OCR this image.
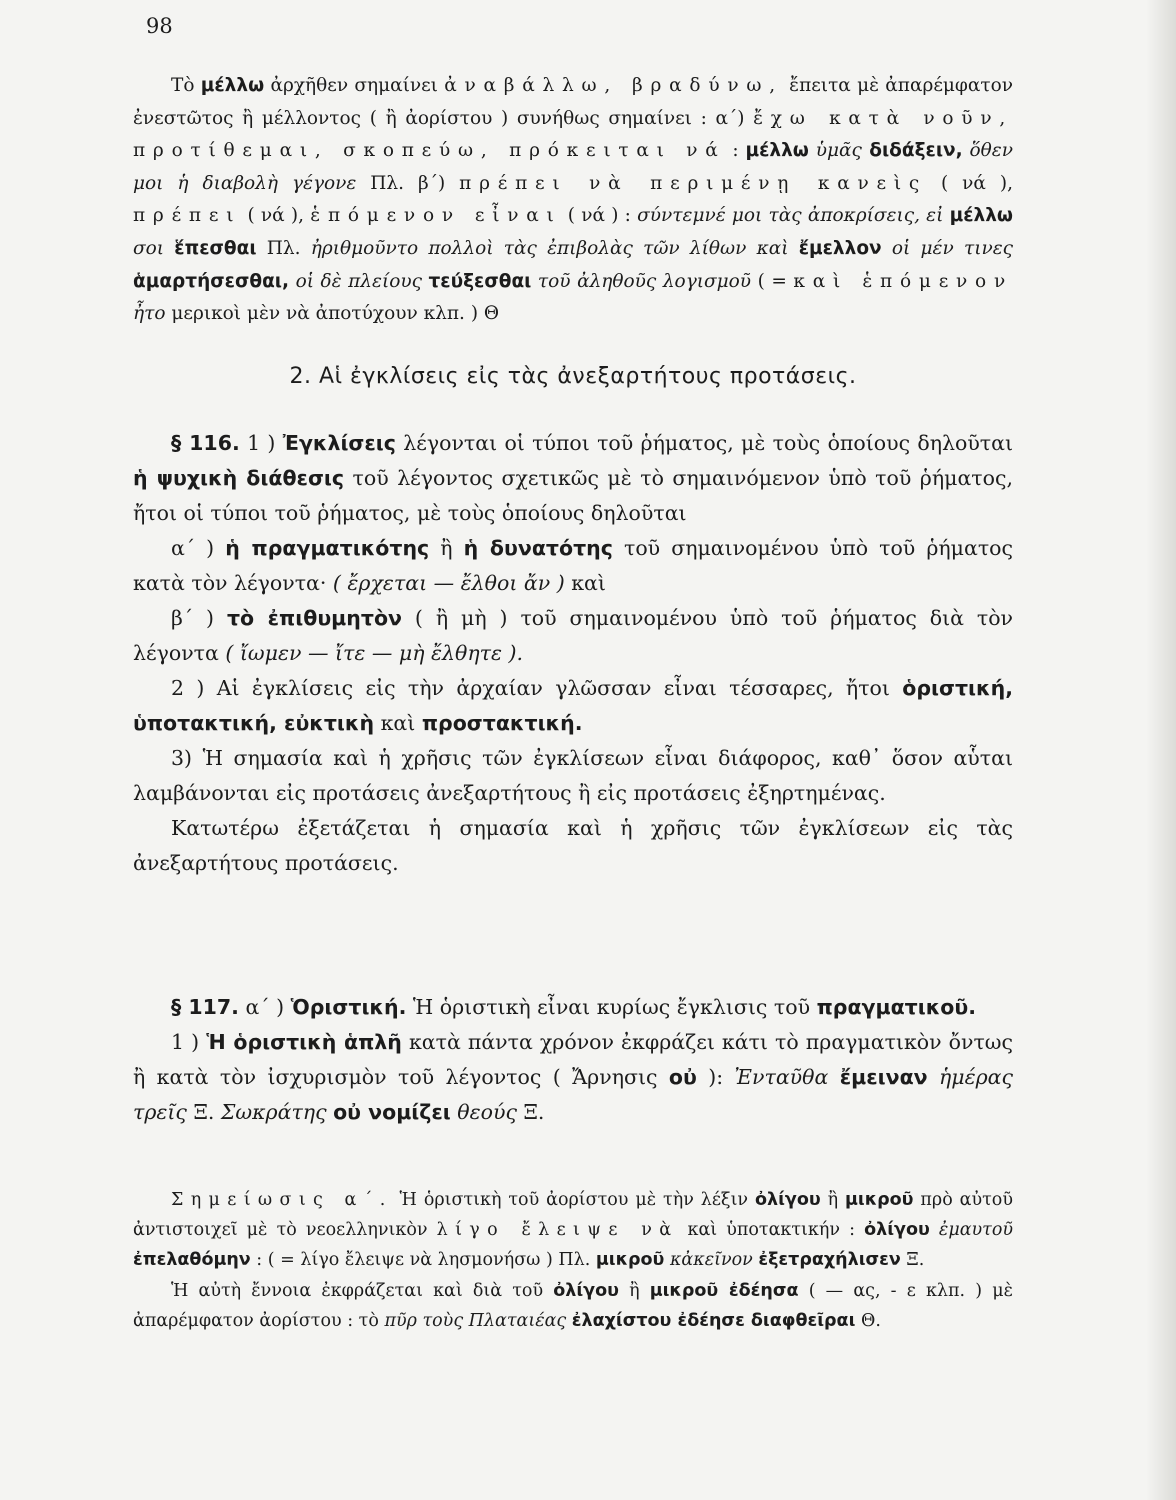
98

Τὸ μέλλω ἀρχῆθεν σημαίνει ἀναβάλλω, βραδύνω, ἔπειτα μὲ ἀπαρέμφατον ἐνεστῶτος ἢ μέλλοντος ( ἢ ἀορίστου ) συνήθως σημαίνει : α΄) ἔχω κατὰ νοῦν, προτίθεμαι, σκοπεύω, πρόκειται νά : μέλλω ὑμᾶς διδάξειν, ὅθεν μοι ἡ διαβολὴ γέγονε Πλ. β΄) πρέπει νὰ περιμένῃ κανεὶς ( νά ), πρέπει ( νά ), ἑπόμενον εἶναι ( νά ) : σύντεμνέ μοι τὰς ἀποκρίσεις, εἰ μέλλω σοι ἕπεσθαι Πλ. ἠριθμοῦντο πολλοὶ τὰς ἐπιβολὰς τῶν λίθων καὶ ἔμελλον οἱ μέν τινες ἁμαρτήσεσθαι, οἱ δὲ πλείους τεύξεσθαι τοῦ ἀληθοῦς λογισμοῦ ( = καὶ ἑπόμενον ἦτο μερικοὶ μὲν νὰ ἀποτύχουν κλπ. ) Θ

2. Αἱ ἐγκλίσεις εἰς τὰς ἀνεξαρτήτους προτάσεις.

§ 116. 1 ) Ἐγκλίσεις λέγονται οἱ τύποι τοῦ ῥήματος, μὲ τοὺς ὁποίους δηλοῦται ἡ ψυχικὴ διάθεσις τοῦ λέγοντος σχετικῶς μὲ τὸ σημαινόμενον ὑπὸ τοῦ ῥήματος, ἤτοι οἱ τύποι τοῦ ῥήματος, μὲ τοὺς ὁποίους δηλοῦται

α΄ ) ἡ πραγματικότης ἢ ἡ δυνατότης τοῦ σημαινομένου ὑπὸ τοῦ ῥήματος κατὰ τὸν λέγοντα· ( ἔρχεται — ἔλθοι ἄν ) καὶ

β΄ ) τὸ ἐπιθυμητὸν ( ἢ μὴ ) τοῦ σημαινομένου ὑπὸ τοῦ ῥήματος διὰ τὸν λέγοντα ( ἴωμεν — ἴτε — μὴ ἔλθητε ).

2 ) Αἱ ἐγκλίσεις εἰς τὴν ἀρχαίαν γλῶσσαν εἶναι τέσσαρες, ἤτοι ὁριστική, ὑποτακτική, εὐκτικὴ καὶ προστακτική.

3) Ἡ σημασία καὶ ἡ χρῆσις τῶν ἐγκλίσεων εἶναι διάφορος, καθ᾽ ὅσον αὗται λαμβάνονται εἰς προτάσεις ἀνεξαρτήτους ἢ εἰς προτάσεις ἐξηρτημένας.

Κατωτέρω ἐξετάζεται ἡ σημασία καὶ ἡ χρῆσις τῶν ἐγκλίσεων εἰς τὰς ἀνεξαρτήτους προτάσεις.

§ 117. α΄ ) Ὁριστική. Ἡ ὁριστικὴ εἶναι κυρίως ἔγκλισις τοῦ πραγματικοῦ.

1 ) Ἡ ὁριστικὴ ἁπλῆ κατὰ πάντα χρόνον ἐκφράζει κάτι τὸ πραγματικὸν ὄντως ἢ κατὰ τὸν ἰσχυρισμὸν τοῦ λέγοντος ( Ἄρνησις οὐ ): Ἐνταῦθα ἔμειναν ἡμέρας τρεῖς Ξ. Σωκράτης οὐ νομίζει θεούς Ξ.

Σημείωσις α΄. Ἡ ὁριστικὴ τοῦ ἀορίστου μὲ τὴν λέξιν ὀλίγου ἢ μικροῦ πρὸ αὐτοῦ ἀντιστοιχεῖ μὲ τὸ νεοελληνικὸν λίγο ἔλειψε νὰ καὶ ὑποτακτικήν : ὀλίγου ἐμαυτοῦ ἐπελαθόμην : ( = λίγο ἔλειψε νὰ λησμονήσω ) Πλ. μικροῦ κἀκεῖνον ἐξετραχήλισεν Ξ.

Ἡ αὐτὴ ἔννοια ἐκφράζεται καὶ διὰ τοῦ ὀλίγου ἢ μικροῦ ἐδέησα ( — ας, - ε κλπ. ) μὲ ἀπαρέμφατον ἀορίστου : τὸ πῦρ τοὺς Πλαταιέας ἐλαχίστου ἐδέησε διαφθεῖραι Θ.
